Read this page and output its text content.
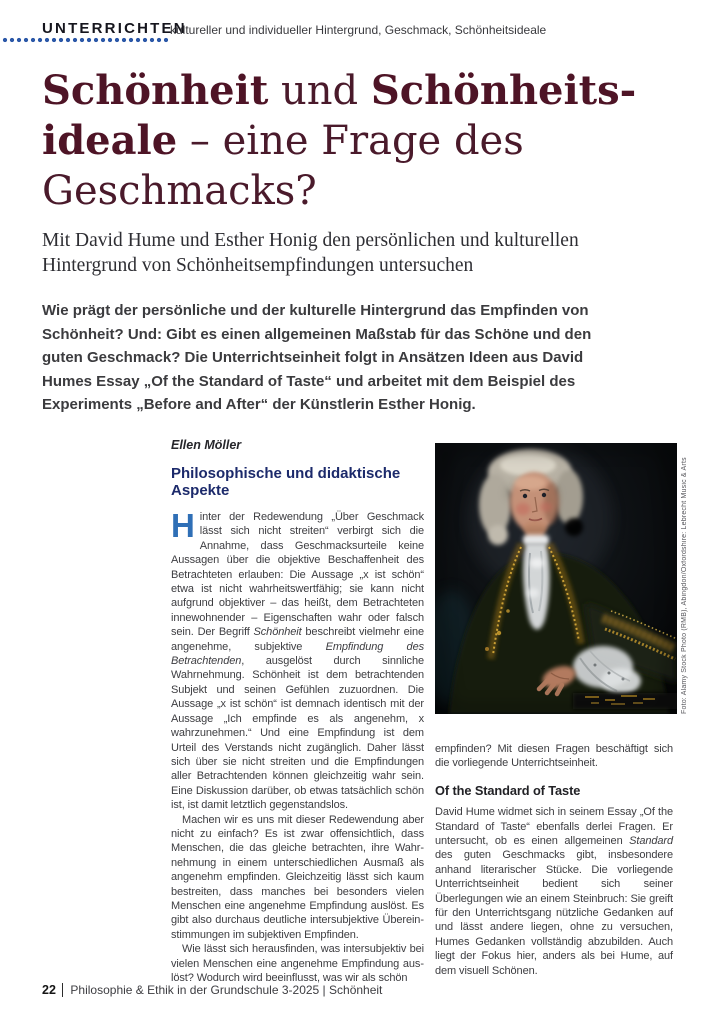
UNTERRICHTEN
kultureller und individueller Hintergrund, Geschmack, Schönheitsideale
Schönheit und Schönheits-
ideale – eine Frage des
Geschmacks?
Mit David Hume und Esther Honig den persönlichen und kulturellen Hintergrund von Schönheitsempfindungen untersuchen
Wie prägt der persönliche und der kulturelle Hintergrund das Empfinden von Schönheit? Und: Gibt es einen allgemeinen Maßstab für das Schöne und den guten Geschmack? Die Unterrichtseinheit folgt in Ansätzen Ideen aus David Humes Essay „Of the Standard of Taste“ und arbeitet mit dem Beispiel des Experiments „Before and After“ der Künstlerin Esther Honig.
Ellen Möller
Philosophische und didaktische Aspekte

Hinter der Redewendung „Über Geschmack lässt sich nicht streiten“ verbirgt sich die Annahme, dass Geschmacksurteile keine Aussagen über die objektive Beschaffenheit des Betrachteten erlauben: Die Aussage „x ist schön“ etwa ist nicht wahrheitswertfähig; sie kann nicht aufgrund objektiver – das heißt, dem Betrachteten innewohnender – Eigenschaften wahr oder falsch sein. Der Begriff Schönheit beschreibt vielmehr eine angenehme, subjektive Empfindung des Betrachtenden, ausgelöst durch sinnliche Wahrnehmung. Schönheit ist dem betrachtenden Subjekt und seinen Gefühlen zuzuordnen. Die Aussage „x ist schön“ ist demnach identisch mit der Aussage „Ich empfinde es als angenehm, x wahrzunehmen.“ Und eine Empfindung ist dem Urteil des Verstands nicht zugänglich. Daher lässt sich über sie nicht streiten und die Empfindungen aller Betrachtenden können gleichzeitig wahr sein. Eine Diskussion darüber, ob etwas tatsächlich schön ist, ist damit letztlich gegenstandslos.

Machen wir es uns mit dieser Redewendung aber nicht zu einfach? Es ist zwar offensichtlich, dass Menschen, die das gleiche betrachten, ihre Wahrnehmung in einem unterschiedlichen Ausmaß als angenehm empfinden. Gleichzeitig lässt sich kaum bestreiten, dass manches bei besonders vielen Menschen eine angenehme Empfindung auslöst. Es gibt also durchaus deutliche intersubjektive Übereinstimmungen im subjektiven Empfinden.

Wie lässt sich herausfinden, was intersubjektiv bei vielen Menschen eine angenehme Empfindung auslöst? Wodurch wird beeinflusst, was wir als schön

Foto: Alamy Stock Photo (RMB), Abingdon/Oxfordshire: Lebrecht Music & Arts

empfinden? Mit diesen Fragen beschäftigt sich die vorliegende Unterrichtseinheit.

Of the Standard of Taste

David Hume widmet sich in seinem Essay „Of the Standard of Taste“ ebenfalls derlei Fragen. Er untersucht, ob es einen allgemeinen Standard des guten Geschmacks gibt, insbesondere anhand literarischer Stücke. Die vorliegende Unterrichtseinheit bedient sich seiner Überlegungen wie an einem Steinbruch: Sie greift für den Unterrichtsgang nützliche Gedanken auf und lässt andere liegen, ohne zu versuchen, Humes Gedanken vollständig abzubilden. Auch liegt der Fokus hier, anders als bei Hume, auf dem visuell Schönen.

22 Philosophie & Ethik in der Grundschule 3-2025 | Schönheit
